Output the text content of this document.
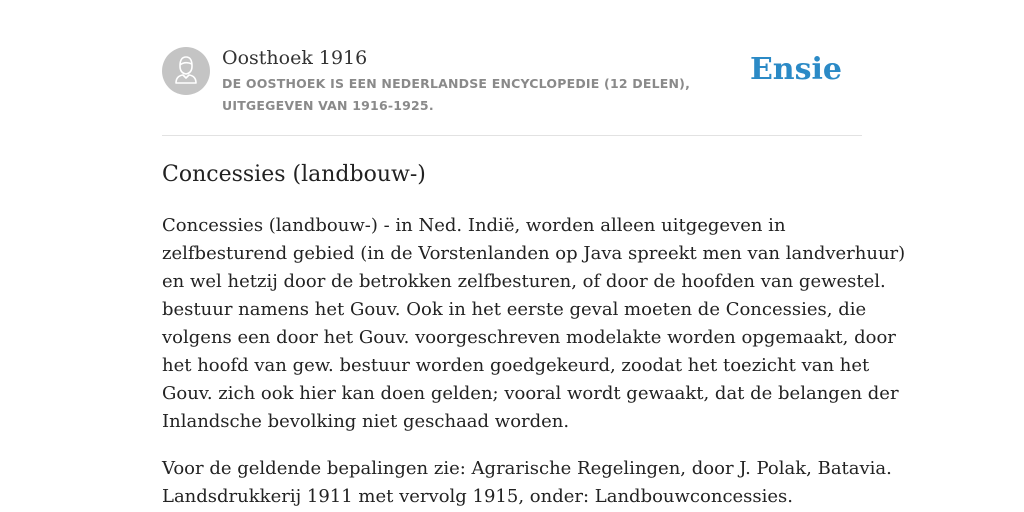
Oosthoek 1916
DE OOSTHOEK IS EEN NEDERLANDSE ENCYCLOPEDIE (12 DELEN), UITGEGEVEN VAN 1916-1925.
Ensie
Concessies (landbouw-)

Concessies (landbouw-) - in Ned. Indië, worden alleen uitgegeven in
zelfbesturend gebied (in de Vorstenlanden op Java spreekt men van landverhuur)
en wel hetzij door de betrokken zelfbesturen, of door de hoofden van gewestel.
bestuur namens het Gouv. Ook in het eerste geval moeten de Concessies, die
volgens een door het Gouv. voorgeschreven modelakte worden opgemaakt, door
het hoofd van gew. bestuur worden goedgekeurd, zoodat het toezicht van het
Gouv. zich ook hier kan doen gelden; vooral wordt gewaakt, dat de belangen der
Inlandsche bevolking niet geschaad worden.

Voor de geldende bepalingen zie: Agrarische Regelingen, door J. Polak, Batavia.
Landsdrukkerij 1911 met vervolg 1915, onder: Landbouwconcessies.
